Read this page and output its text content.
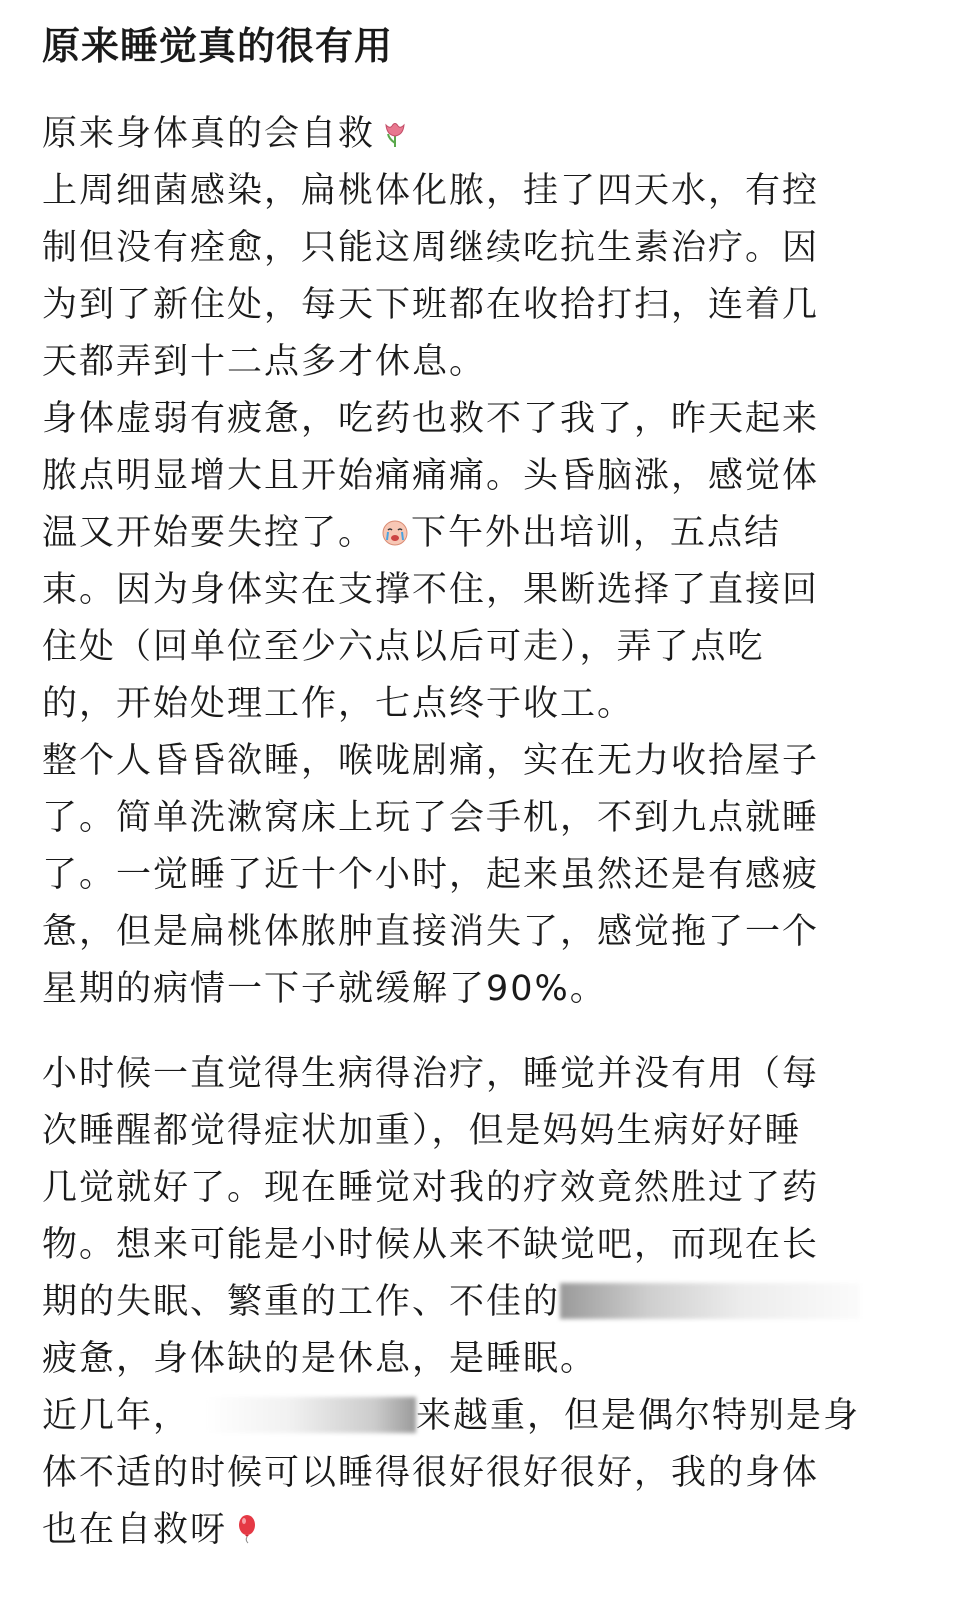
原来睡觉真的很有用
原来身体真的会自救
上周细菌感染，扁桃体化脓，挂了四天水，有控
制但没有痊愈，只能这周继续吃抗生素治疗。因
为到了新住处，每天下班都在收拾打扫，连着几
天都弄到十二点多才休息。
身体虚弱有疲惫，吃药也救不了我了，昨天起来
脓点明显增大且开始痛痛痛。头昏脑涨，感觉体
温又开始要失控了。 下午外出培训，五点结
束。因为身体实在支撑不住，果断选择了直接回
住处（回单位至少六点以后可走），弄了点吃
的，开始处理工作，七点终于收工。
整个人昏昏欲睡，喉咙剧痛，实在无力收拾屋子
了。简单洗漱窝床上玩了会手机，不到九点就睡
了。一觉睡了近十个小时，起来虽然还是有感疲
惫，但是扁桃体脓肿直接消失了，感觉拖了一个
星期的病情一下子就缓解了90%。
小时候一直觉得生病得治疗，睡觉并没有用（每
次睡醒都觉得症状加重），但是妈妈生病好好睡
几觉就好了。现在睡觉对我的疗效竟然胜过了药
物。想来可能是小时候从来不缺觉吧，而现在长
期的失眠、繁重的工作、不佳的
疲惫，身体缺的是休息，是睡眠。
近几年，	来越重，但是偶尔特别是身
体不适的时候可以睡得很好很好很好，我的身体
也在自救呀
